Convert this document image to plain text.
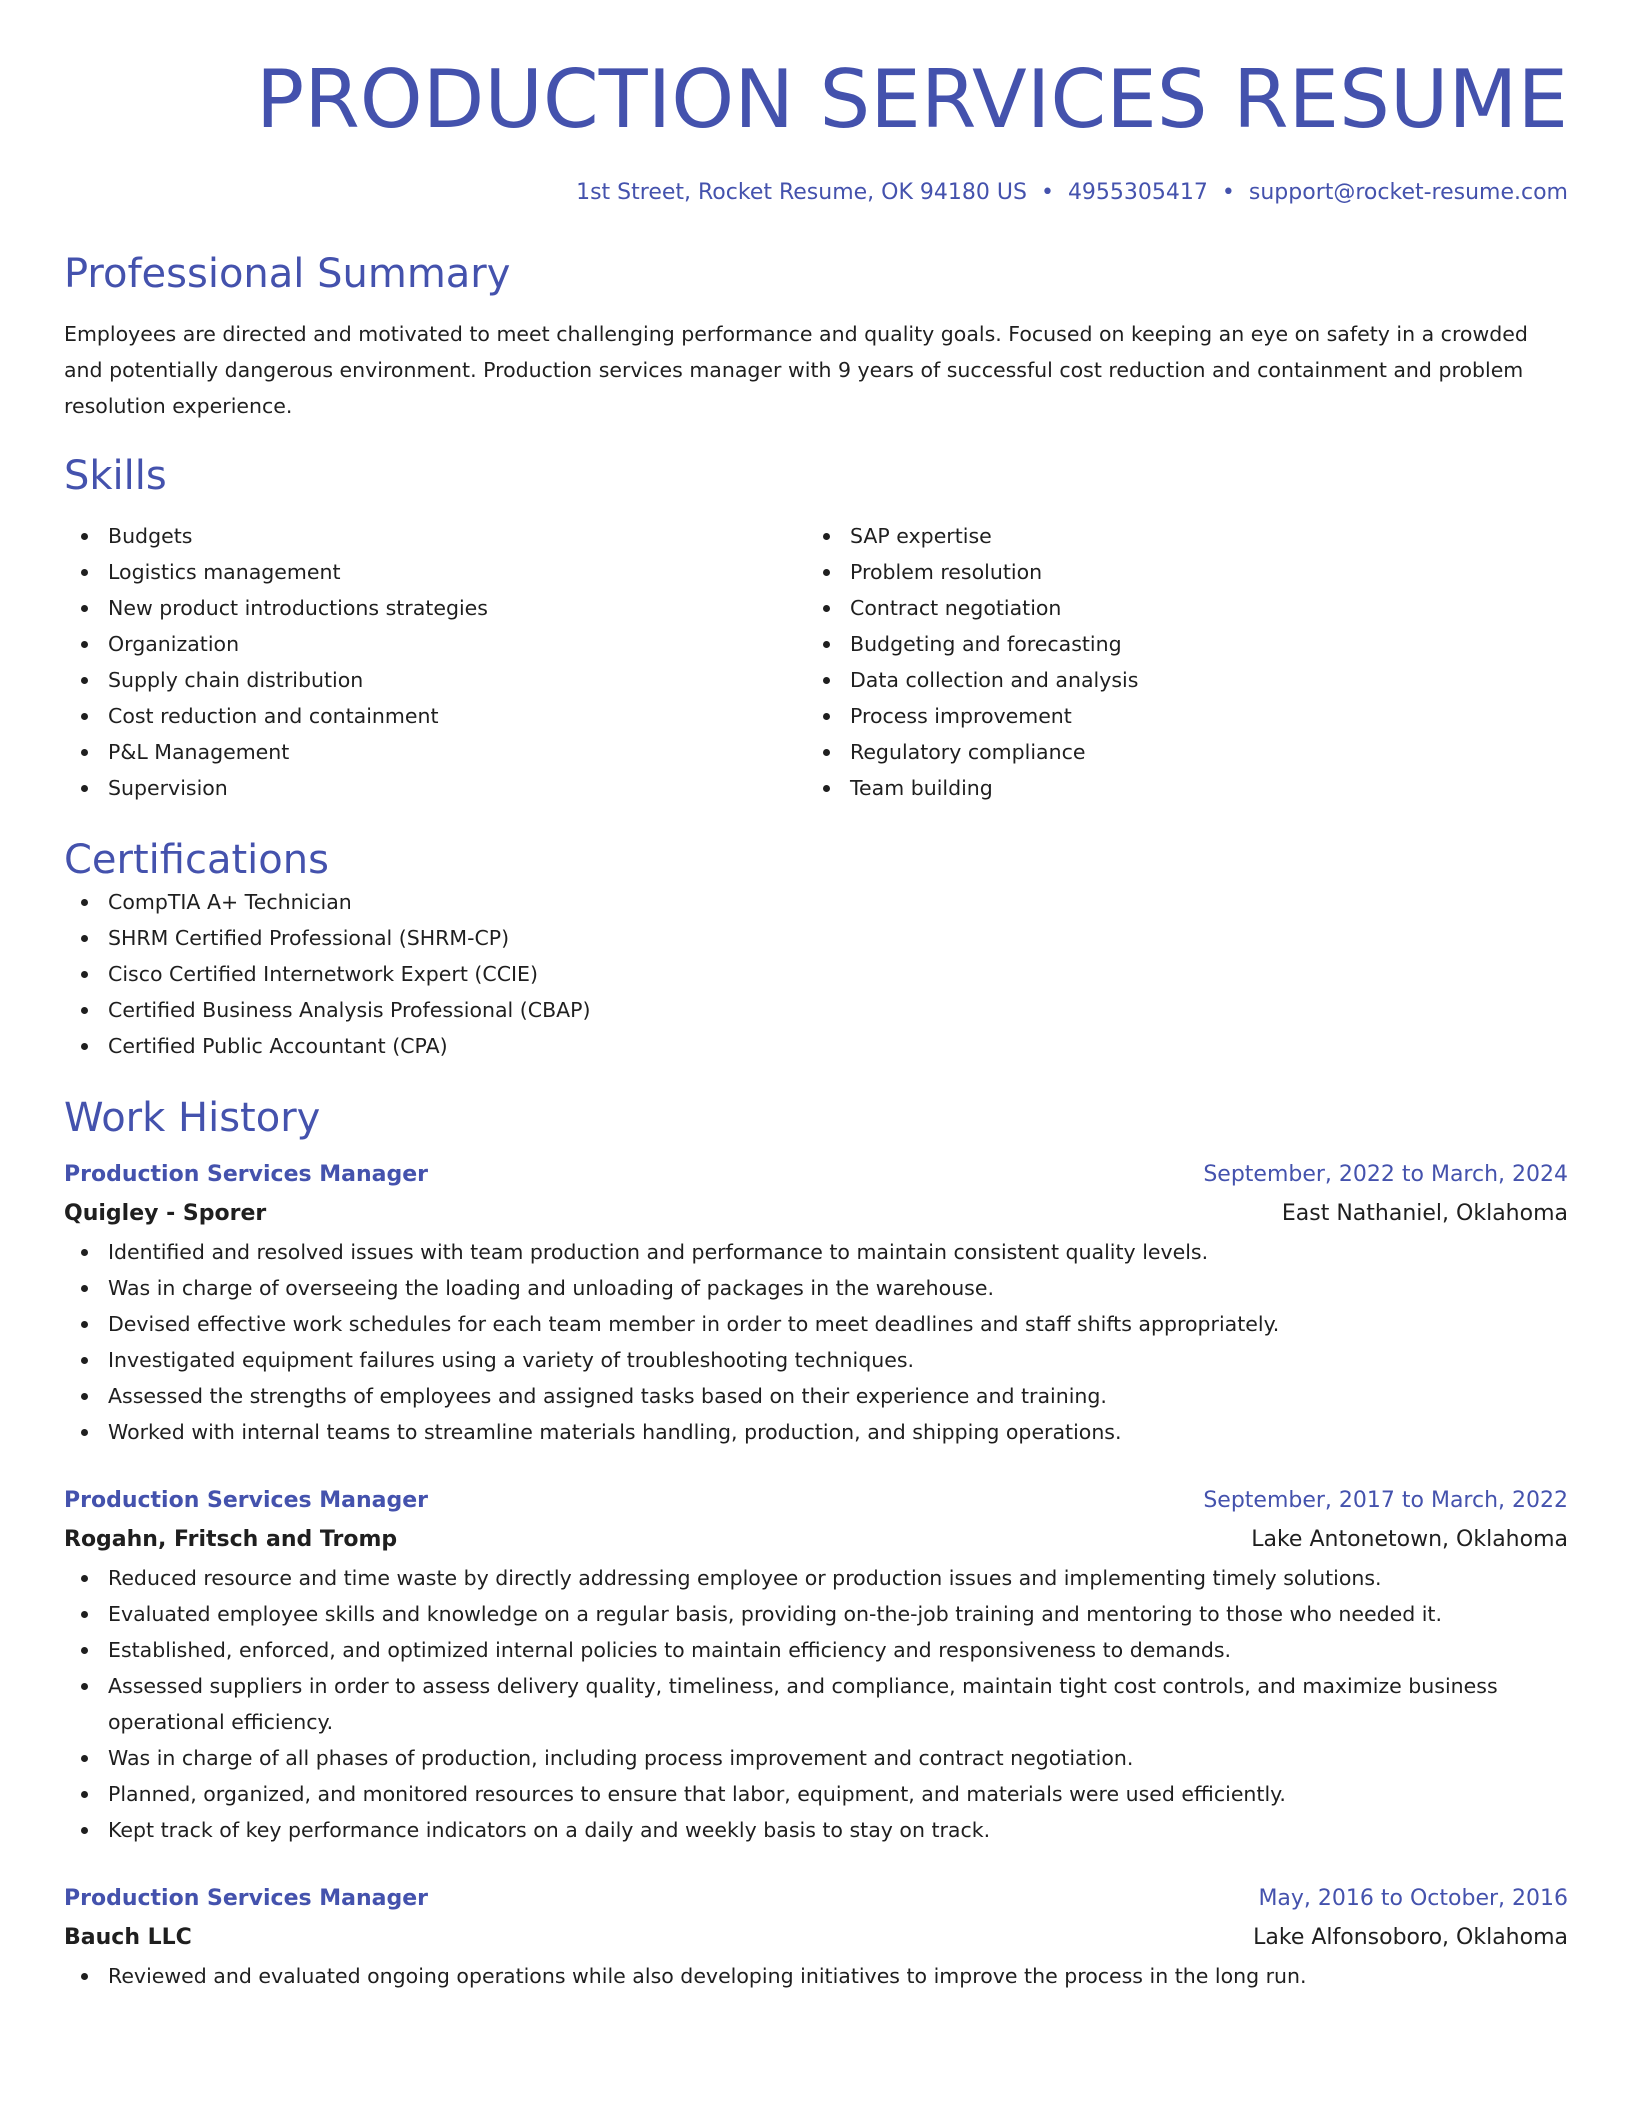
PRODUCTION SERVICES RESUME
1st Street, Rocket Resume, OK 94180 US • 4955305417 • support@rocket-resume.com
Professional Summary
Employees are directed and motivated to meet challenging performance and quality goals. Focused on keeping an eye on safety in a crowded and potentially dangerous environment. Production services manager with 9 years of successful cost reduction and containment and problem resolution experience.
Skills
Budgets
Logistics management
New product introductions strategies
Organization
Supply chain distribution
Cost reduction and containment
P&L Management
Supervision
SAP expertise
Problem resolution
Contract negotiation
Budgeting and forecasting
Data collection and analysis
Process improvement
Regulatory compliance
Team building
Certifications
CompTIA A+ Technician
SHRM Certified Professional (SHRM-CP)
Cisco Certified Internetwork Expert (CCIE)
Certified Business Analysis Professional (CBAP)
Certified Public Accountant (CPA)
Work History
Production Services Manager	September, 2022 to March, 2024
Quigley - Sporer	East Nathaniel, Oklahoma
Identified and resolved issues with team production and performance to maintain consistent quality levels.
Was in charge of overseeing the loading and unloading of packages in the warehouse.
Devised effective work schedules for each team member in order to meet deadlines and staff shifts appropriately.
Investigated equipment failures using a variety of troubleshooting techniques.
Assessed the strengths of employees and assigned tasks based on their experience and training.
Worked with internal teams to streamline materials handling, production, and shipping operations.
Production Services Manager	September, 2017 to March, 2022
Rogahn, Fritsch and Tromp	Lake Antonetown, Oklahoma
Reduced resource and time waste by directly addressing employee or production issues and implementing timely solutions.
Evaluated employee skills and knowledge on a regular basis, providing on-the-job training and mentoring to those who needed it.
Established, enforced, and optimized internal policies to maintain efficiency and responsiveness to demands.
Assessed suppliers in order to assess delivery quality, timeliness, and compliance, maintain tight cost controls, and maximize business operational efficiency.
Was in charge of all phases of production, including process improvement and contract negotiation.
Planned, organized, and monitored resources to ensure that labor, equipment, and materials were used efficiently.
Kept track of key performance indicators on a daily and weekly basis to stay on track.
Production Services Manager	May, 2016 to October, 2016
Bauch LLC	Lake Alfonsoboro, Oklahoma
Reviewed and evaluated ongoing operations while also developing initiatives to improve the process in the long run.
